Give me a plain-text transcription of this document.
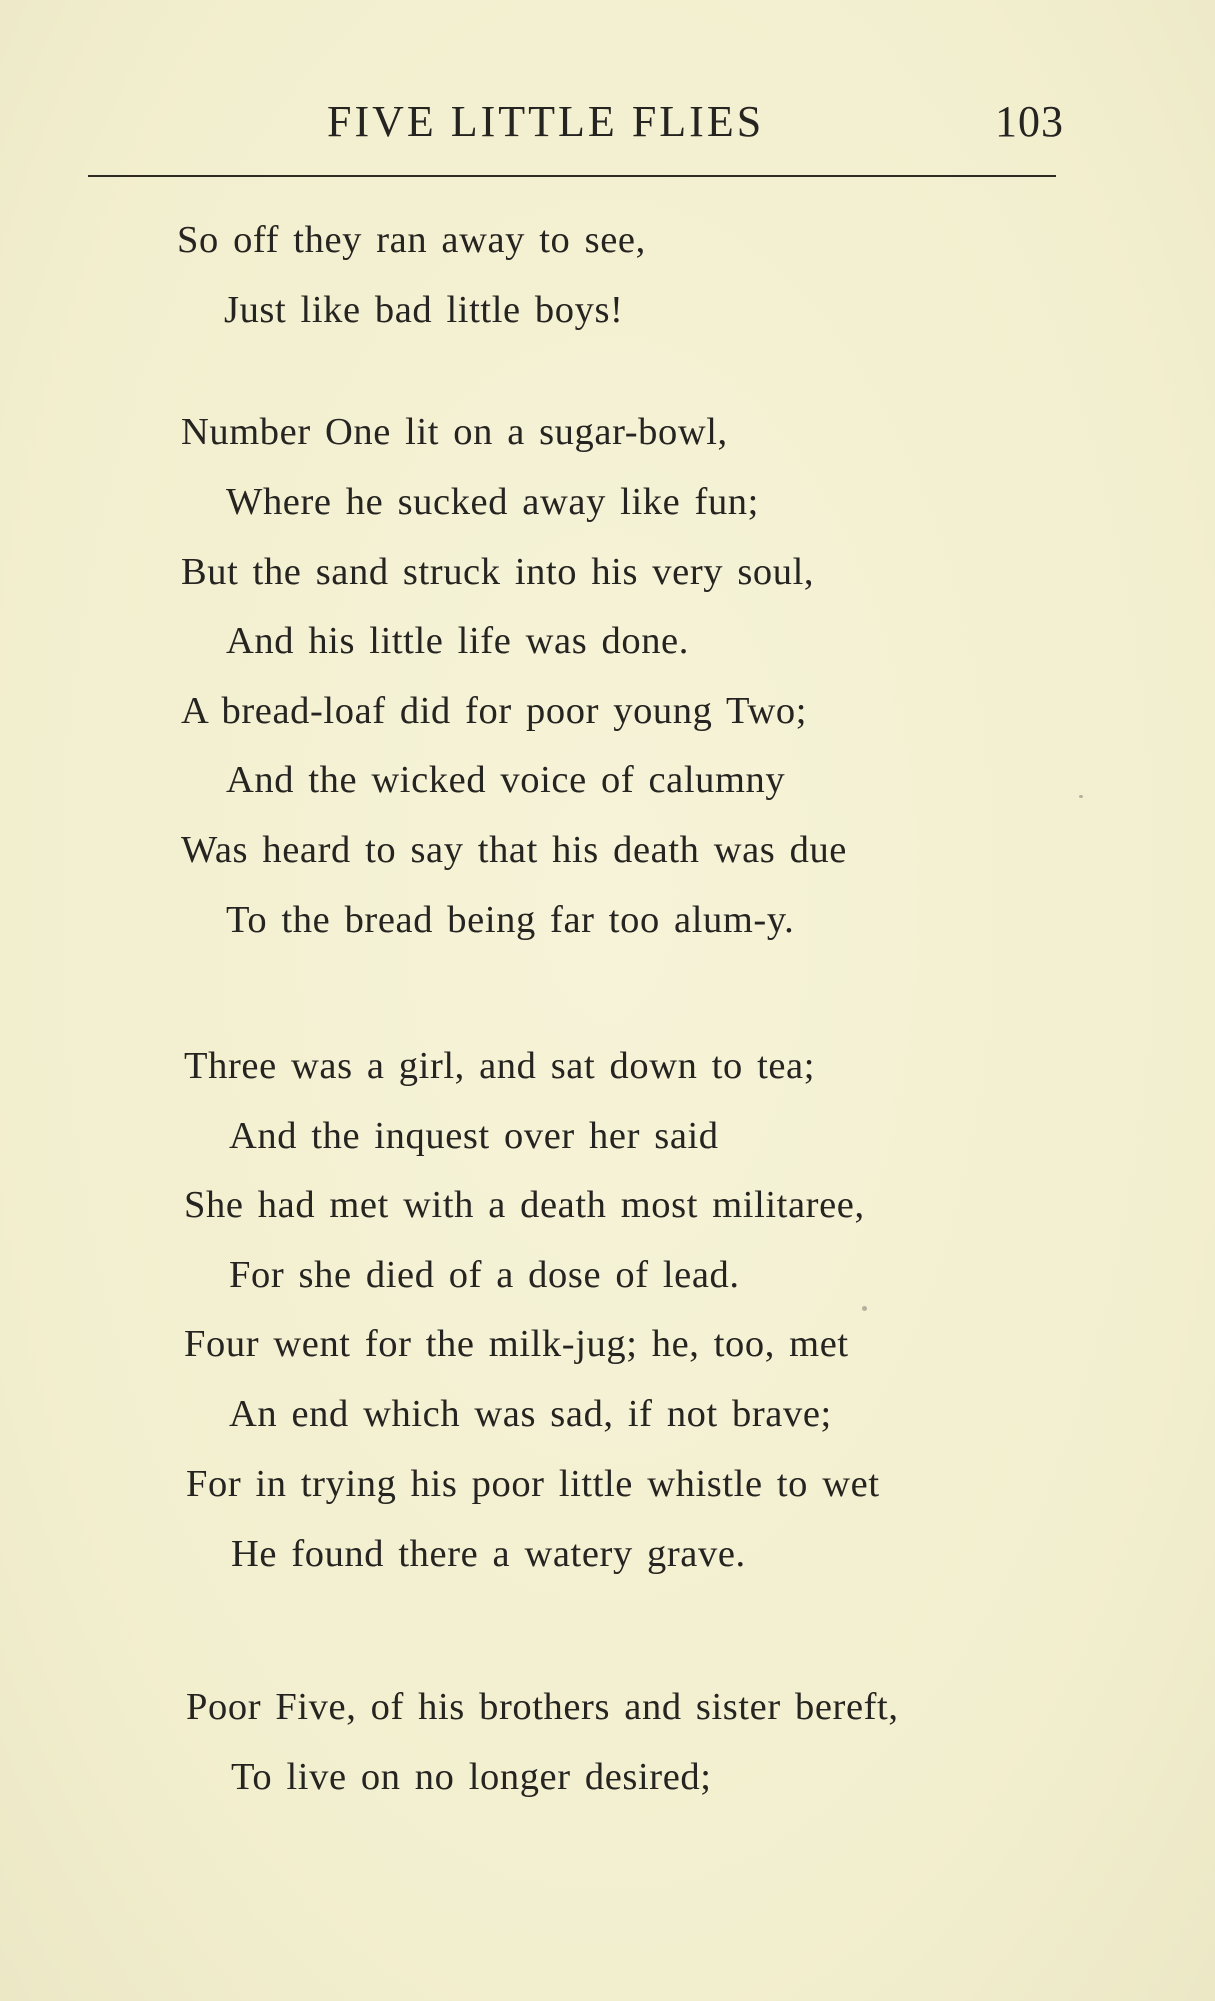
FIVE LITTLE FLIES	103
So off they ran away to see,
Just like bad little boys!
Number One lit on a sugar-bowl,
Where he sucked away like fun;
But the sand struck into his very soul,
And his little life was done.
A bread-loaf did for poor young Two;
And the wicked voice of calumny
Was heard to say that his death was due
To the bread being far too alum-y.
Three was a girl, and sat down to tea;
And the inquest over her said
She had met with a death most militaree,
For she died of a dose of lead.
Four went for the milk-jug; he, too, met
An end which was sad, if not brave;
For in trying his poor little whistle to wet
He found there a watery grave.
Poor Five, of his brothers and sister bereft,
To live on no longer desired;
